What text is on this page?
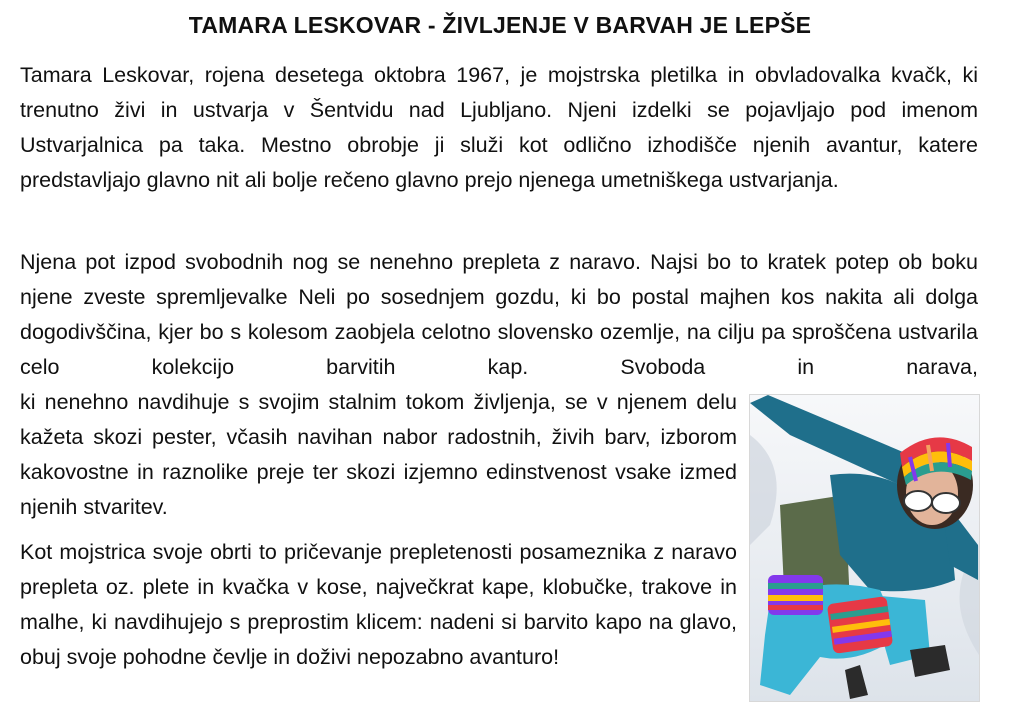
TAMARA LESKOVAR - ŽIVLJENJE V BARVAH JE LEPŠE

Tamara Leskovar, rojena desetega oktobra 1967, je mojstrska pletilka in obvladovalka kvačk, ki trenutno živi in ustvarja v Šentvidu nad Ljubljano. Njeni izdelki se pojavljajo pod imenom Ustvarjalnica pa taka. Mestno obrobje ji služi kot odlično izhodišče njenih avantur, katere predstavljajo glavno nit ali bolje rečeno glavno prejo njenega umetniškega ustvarjanja.

Njena pot izpod svobodnih nog se nenehno prepleta z naravo. Najsi bo to kratek potep ob boku njene zveste spremljevalke Neli po sosednjem gozdu, ki bo postal majhen kos nakita ali dolga dogodivščina, kjer bo s kolesom zaobjela celotno slovensko ozemlje, na cilju pa sproščena ustvarila celo kolekcijo barvitih kap. Svoboda in narava,

ki nenehno navdihuje s svojim stalnim tokom življenja, se v njenem delu kažeta skozi pester, včasih navihan nabor radostnih, živih barv, izborom kakovostne in raznolike preje ter skozi izjemno edinstvenost vsake izmed njenih stvaritev.

Kot mojstrica svoje obrti to pričevanje prepletenosti posameznika z naravo prepleta oz. plete in kvačka v kose, največkrat kape, klobučke, trakove in malhe, ki navdihujejo s preprostim klicem: nadeni si barvito kapo na glavo, obuj svoje pohodne čevlje in doživi nepozabno avanturo!
